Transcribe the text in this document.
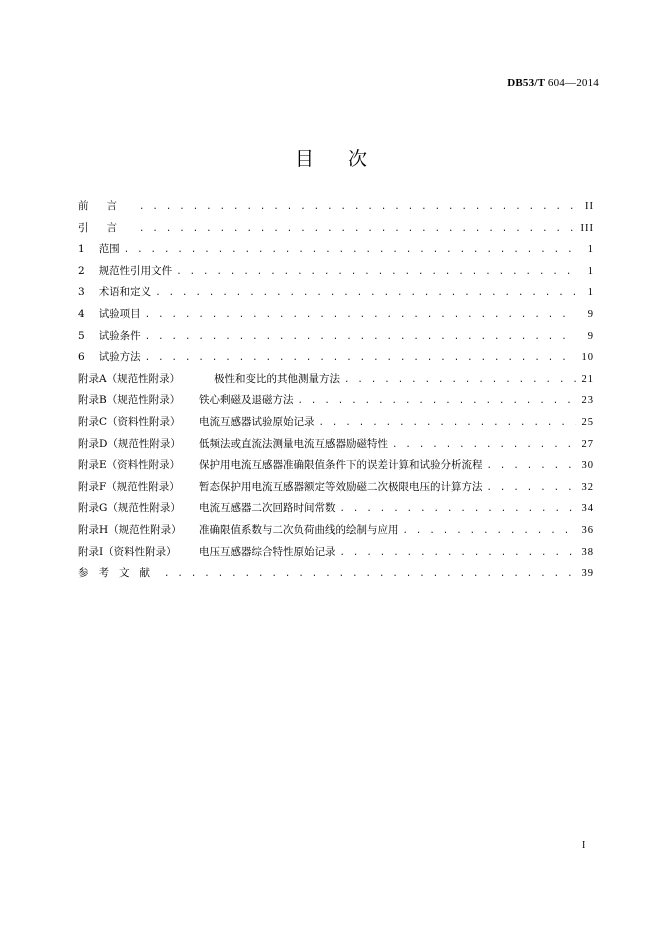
DB53/T 604—2014
目 次
前言 . . .	II
引言 . . .	III
1 范围 . . .	1
2 规范性引用文件 . . .	1
3 术语和定义 . . .	1
4 试验项目 . . .	9
5 试验条件 . . .	9
6 试验方法 . . .	10
附录A（规范性附录）	极性和变比的其他测量方法 . . .	21
附录B（规范性附录）	铁心剩磁及退磁方法 . . .	23
附录C（资料性附录）	电流互感器试验原始记录 . . .	25
附录D（规范性附录）	低频法或直流法测量电流互感器励磁特性 . . .	27
附录E（资料性附录）	保护用电流互感器准确限值条件下的误差计算和试验分析流程 . . .	30
附录F（规范性附录）	暂态保护用电流互感器额定等效励磁二次极限电压的计算方法 . . .	32
附录G（规范性附录）	电流互感器二次回路时间常数 . . .	34
附录H（规范性附录）	准确限值系数与二次负荷曲线的绘制与应用 . . .	36
附录I（资料性附录）	电压互感器综合特性原始记录 . . .	38
参考文献 . . .	39
I
